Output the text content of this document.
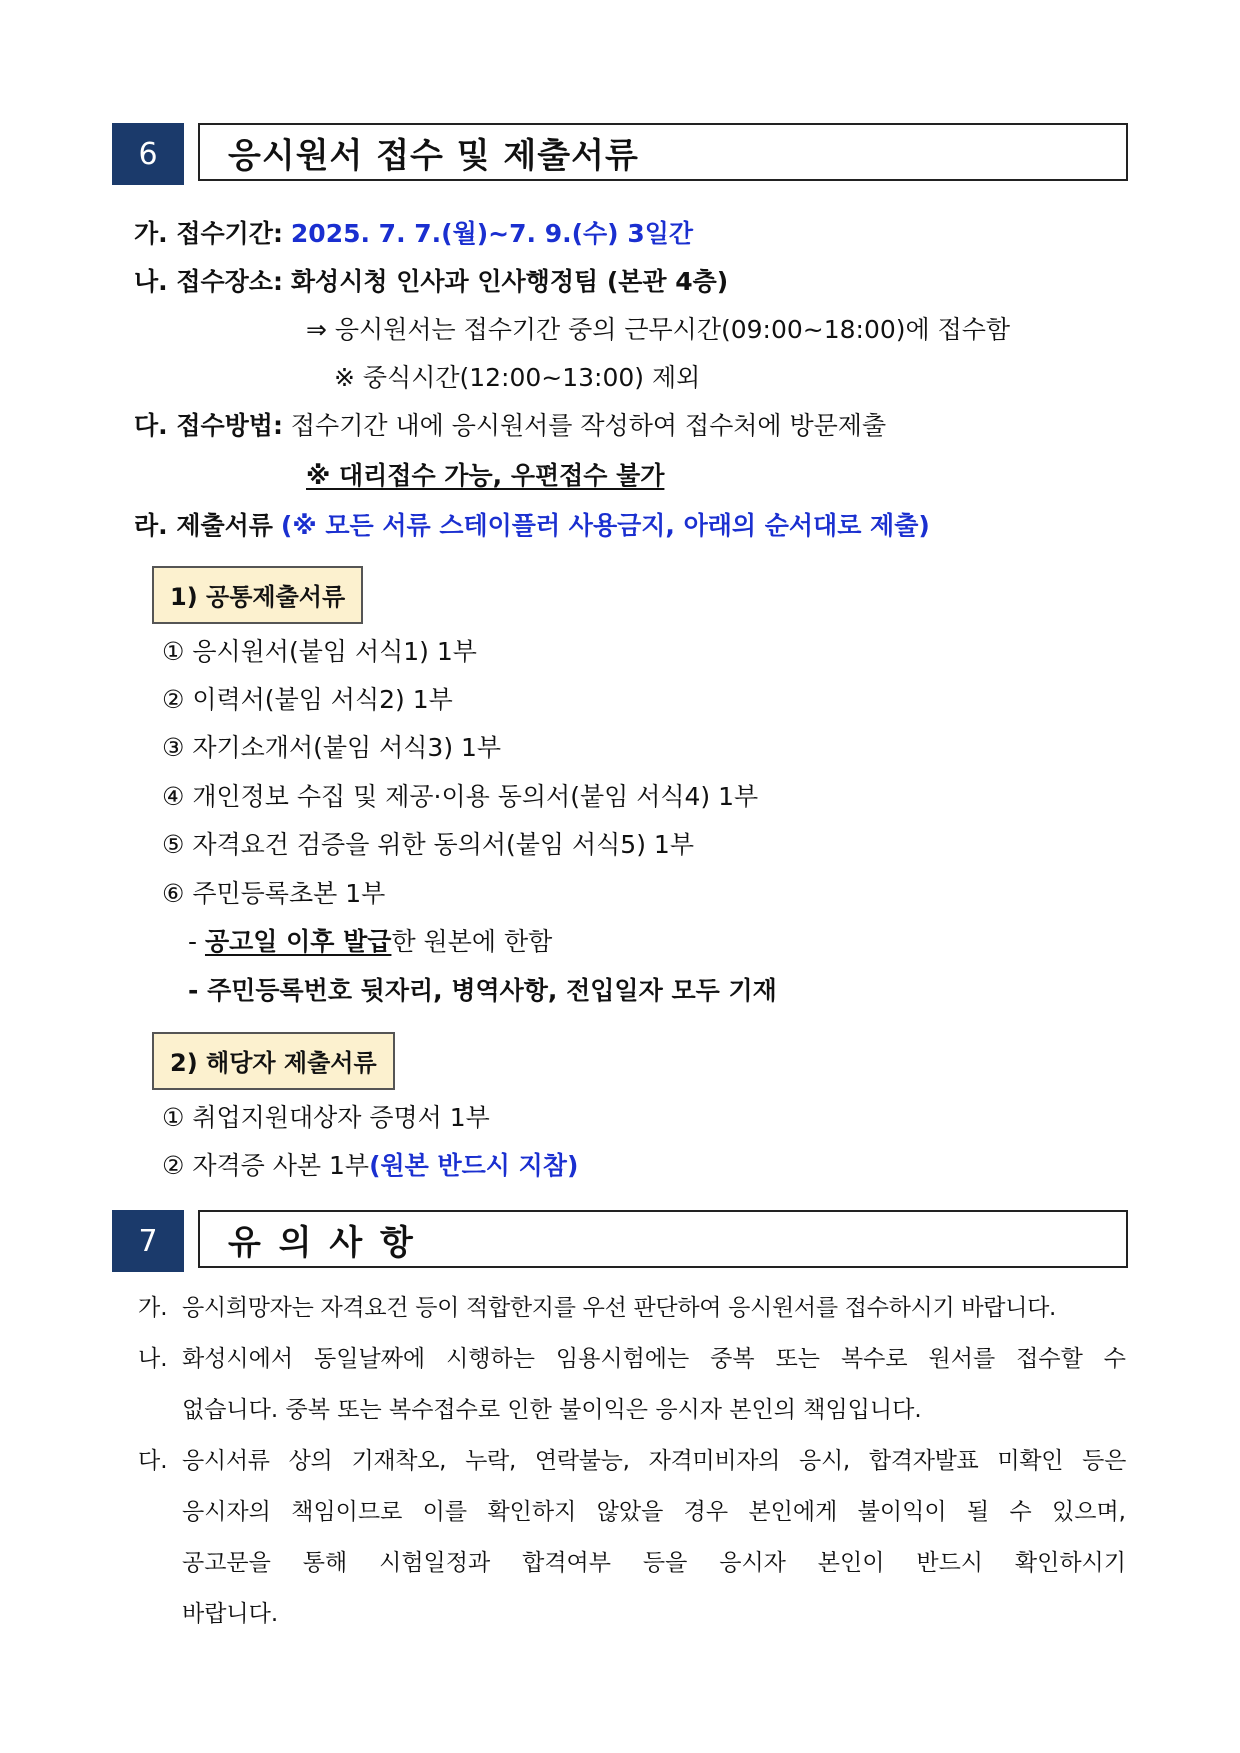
6	응시원서 접수 및 제출서류
가. 접수기간: 2025. 7. 7.(월)~7. 9.(수) 3일간
나. 접수장소: 화성시청 인사과 인사행정팀 (본관 4층)
⇒ 응시원서는 접수기간 중의 근무시간(09:00~18:00)에 접수함
※ 중식시간(12:00~13:00) 제외
다. 접수방법: 접수기간 내에 응시원서를 작성하여 접수처에 방문제출
※ 대리접수 가능, 우편접수 불가
라. 제출서류 (※ 모든 서류 스테이플러 사용금지, 아래의 순서대로 제출)
1) 공통제출서류
① 응시원서(붙임 서식1) 1부
② 이력서(붙임 서식2) 1부
③ 자기소개서(붙임 서식3) 1부
④ 개인정보 수집 및 제공·이용 동의서(붙임 서식4) 1부
⑤ 자격요건 검증을 위한 동의서(붙임 서식5) 1부
⑥ 주민등록초본 1부
- 공고일 이후 발급한 원본에 한함
- 주민등록번호 뒷자리, 병역사항, 전입일자 모두 기재
2) 해당자 제출서류
① 취업지원대상자 증명서 1부
② 자격증 사본 1부(원본 반드시 지참)
7	유 의 사 항
가. 응시희망자는 자격요건 등이 적합한지를 우선 판단하여 응시원서를 접수하시기 바랍니다.
나. 화성시에서 동일날짜에 시행하는 임용시험에는 중복 또는 복수로 원서를 접수할 수
없습니다. 중복 또는 복수접수로 인한 불이익은 응시자 본인의 책임입니다.
다. 응시서류 상의 기재착오, 누락, 연락불능, 자격미비자의 응시, 합격자발표 미확인 등은
응시자의 책임이므로 이를 확인하지 않았을 경우 본인에게 불이익이 될 수 있으며,
공고문을 통해 시험일정과 합격여부 등을 응시자 본인이 반드시 확인하시기
바랍니다.
